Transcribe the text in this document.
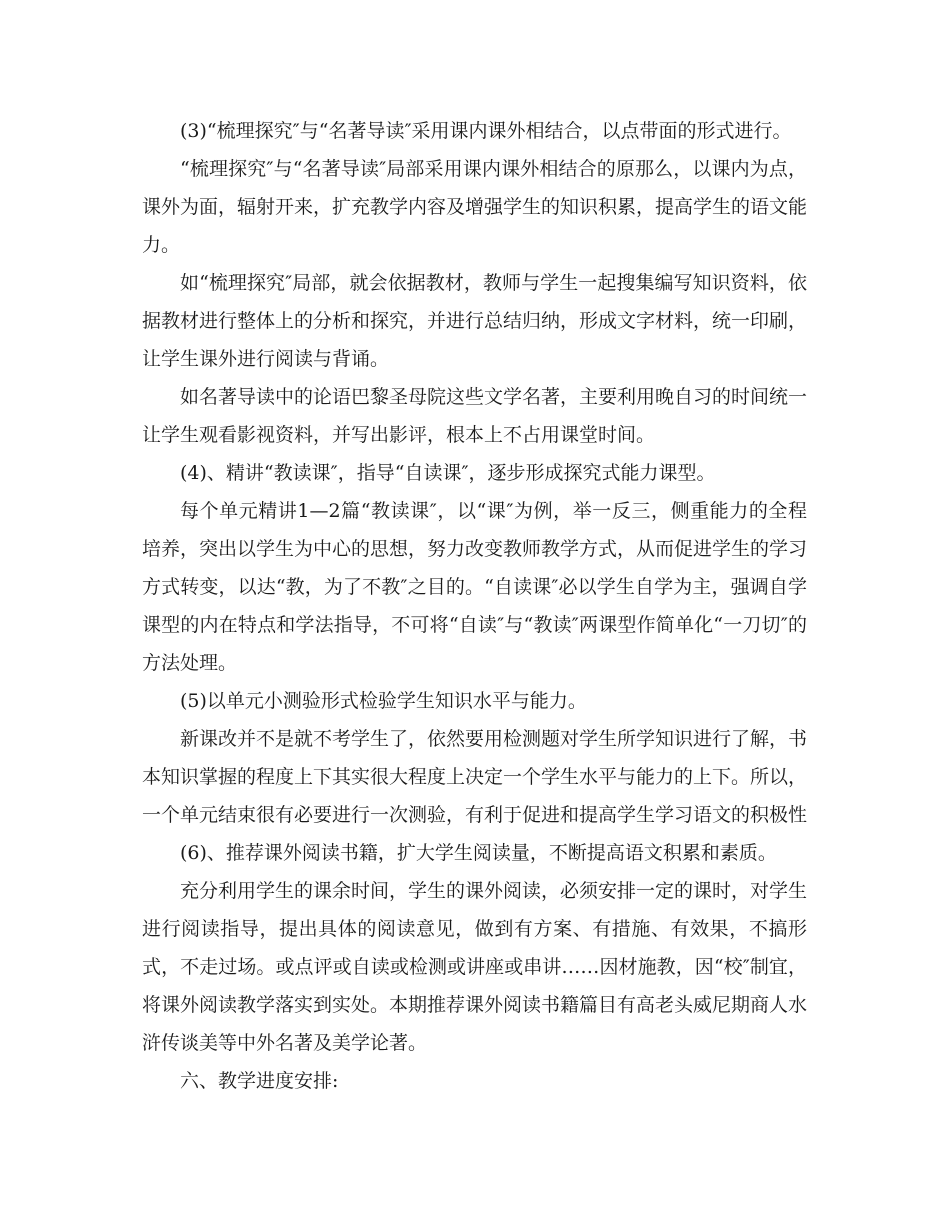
(3)“梳理探究″与“名著导读″采用课内课外相结合，以点带面的形式进行。

“梳理探究″与“名著导读″局部采用课内课外相结合的原那么，以课内为点，课外为面，辐射开来，扩充教学内容及增强学生的知识积累，提高学生的语文能力。

如“梳理探究″局部，就会依据教材，教师与学生一起搜集编写知识资料，依据教材进行整体上的分析和探究，并进行总结归纳，形成文字材料，统一印刷，让学生课外进行阅读与背诵。

如名著导读中的论语巴黎圣母院这些文学名著，主要利用晚自习的时间统一让学生观看影视资料，并写出影评，根本上不占用课堂时间。

(4)、精讲“教读课″，指导“自读课″，逐步形成探究式能力课型。

每个单元精讲1—2篇“教读课″，以“课″为例，举一反三，侧重能力的全程培养，突出以学生为中心的思想，努力改变教师教学方式，从而促进学生的学习方式转变，以达“教，为了不教″之目的。“自读课″必以学生自学为主，强调自学课型的内在特点和学法指导，不可将“自读″与“教读″两课型作简单化“一刀切″的方法处理。

(5)以单元小测验形式检验学生知识水平与能力。

新课改并不是就不考学生了，依然要用检测题对学生所学知识进行了解，书本知识掌握的程度上下其实很大程度上决定一个学生水平与能力的上下。所以，一个单元结束很有必要进行一次测验，有利于促进和提高学生学习语文的积极性

(6)、推荐课外阅读书籍，扩大学生阅读量，不断提高语文积累和素质。

充分利用学生的课余时间，学生的课外阅读，必须安排一定的课时，对学生进行阅读指导，提出具体的阅读意见，做到有方案、有措施、有效果，不搞形式，不走过场。或点评或自读或检测或讲座或串讲……因材施教，因“校″制宜，将课外阅读教学落实到实处。本期推荐课外阅读书籍篇目有高老头威尼期商人水浒传谈美等中外名著及美学论著。

六、教学进度安排:
